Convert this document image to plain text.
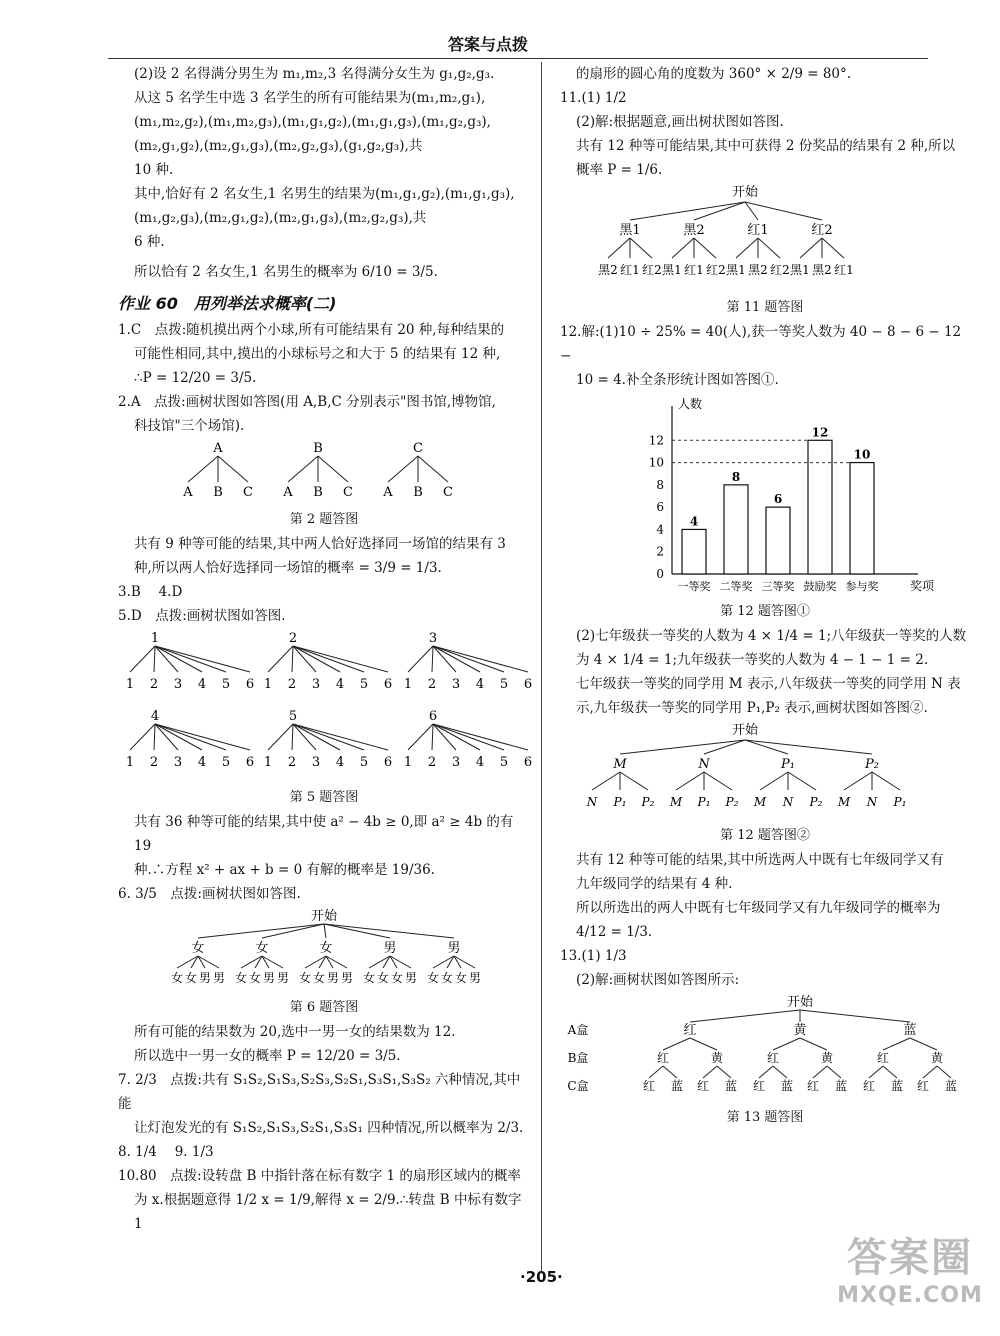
答案与点拨

(2)设 2 名得满分男生为 m₁,m₂,3 名得满分女生为 g₁,g₂,g₃.

从这 5 名学生中选 3 名学生的所有可能结果为(m₁,m₂,g₁),

(m₁,m₂,g₂),(m₁,m₂,g₃),(m₁,g₁,g₂),(m₁,g₁,g₃),(m₁,g₂,g₃),

(m₂,g₁,g₂),(m₂,g₁,g₃),(m₂,g₂,g₃),(g₁,g₂,g₃),共

10 种.

其中,恰好有 2 名女生,1 名男生的结果为(m₁,g₁,g₂),(m₁,g₁,g₃),

(m₁,g₂,g₃),(m₂,g₁,g₂),(m₂,g₁,g₃),(m₂,g₂,g₃),共

6 种.

所以恰有 2 名女生,1 名男生的概率为 6/10 = 3/5.

作业 60　用列举法求概率(二)

1.C　点拨:随机摸出两个小球,所有可能结果有 20 种,每种结果的

可能性相同,其中,摸出的小球标号之和大于 5 的结果有 12 种,

∴P = 12/20 = 3/5.

2.A　点拨:画树状图如答图(用 A,B,C 分别表示"图书馆,博物馆,

科技馆"三个场馆).

A
A B C
B
A B C
C
A B C

第 2 题答图

共有 9 种等可能的结果,其中两人恰好选择同一场馆的结果有 3

种,所以两人恰好选择同一场馆的概率 = 3/9 = 1/3.

3.B　 4.D

5.D　点拨:画树状图如答图.

1
1 2 3 4 5 6
2
1 2 3 4 5 6
3
1 2 3 4 5 6
4
1 2 3 4 5 6
5
1 2 3 4 5 6
6
1 2 3 4 5 6

第 5 题答图

共有 36 种等可能的结果,其中使 a² − 4b ≥ 0,即 a² ≥ 4b 的有 19

种.∴方程 x² + ax + b = 0 有解的概率是 19/36.

6. 3/5　点拨:画树状图如答图.

开始
女
女 女 男 男
女
女 女 男 男
女
女 女 男 男
男
女 女 女 男
男
女 女 女 男

第 6 题答图

所有可能的结果数为 20,选中一男一女的结果数为 12.

所以选中一男一女的概率 P = 12/20 = 3/5.

7. 2/3　点拨:共有 S₁S₂,S₁S₃,S₂S₃,S₂S₁,S₃S₁,S₃S₂ 六种情况,其中能

让灯泡发光的有 S₁S₂,S₁S₃,S₂S₁,S₃S₁ 四种情况,所以概率为 2/3.

8. 1/4　 9. 1/3

10.80　点拨:设转盘 B 中指针落在标有数字 1 的扇形区域内的概率

为 x.根据题意得 1/2 x = 1/9,解得 x = 2/9.∴转盘 B 中标有数字 1

的扇形的圆心角的度数为 360° × 2/9 = 80°.

11.(1) 1/2

(2)解:根据题意,画出树状图如答图.

共有 12 种等可能结果,其中可获得 2 份奖品的结果有 2 种,所以

概率 P = 1/6.

开始
黑1
黑2 红1 红2
黑2
黑1 红1 红2
红1
黑1 黑2 红2
红2
黑1 黑2 红1

第 11 题答图

12.解:(1)10 ÷ 25% = 40(人),获一等奖人数为 40 − 8 − 6 − 12 −

10 = 4.补全条形统计图如答图①.

人数
奖项
0
2
4
6
8
10
12
4
一等奖
8
二等奖
6
三等奖
12
鼓励奖
10
参与奖

第 12 题答图①

(2)七年级获一等奖的人数为 4 × 1/4 = 1;八年级获一等奖的人数

为 4 × 1/4 = 1;九年级获一等奖的人数为 4 − 1 − 1 = 2.

七年级获一等奖的同学用 M 表示,八年级获一等奖的同学用 N 表

示,九年级获一等奖的同学用 P₁,P₂ 表示,画树状图如答图②.

开始
M
N P₁ P₂
N
M P₁ P₂
P₁
M N P₂
P₂
M N P₁

第 12 题答图②

共有 12 种等可能的结果,其中所选两人中既有七年级同学又有

九年级同学的结果有 4 种.

所以所选出的两人中既有七年级同学又有九年级同学的概率为

4/12 = 1/3.

13.(1) 1/3

(2)解:画树状图如答图所示:

开始
A盒
B盒
C盒
红
红
红 蓝
黄
红 蓝
黄
红
红 蓝
黄
红 蓝
蓝
红
红 蓝
黄
红 蓝

第 13 题答图

·205·	答案圈
MXQE.COM
